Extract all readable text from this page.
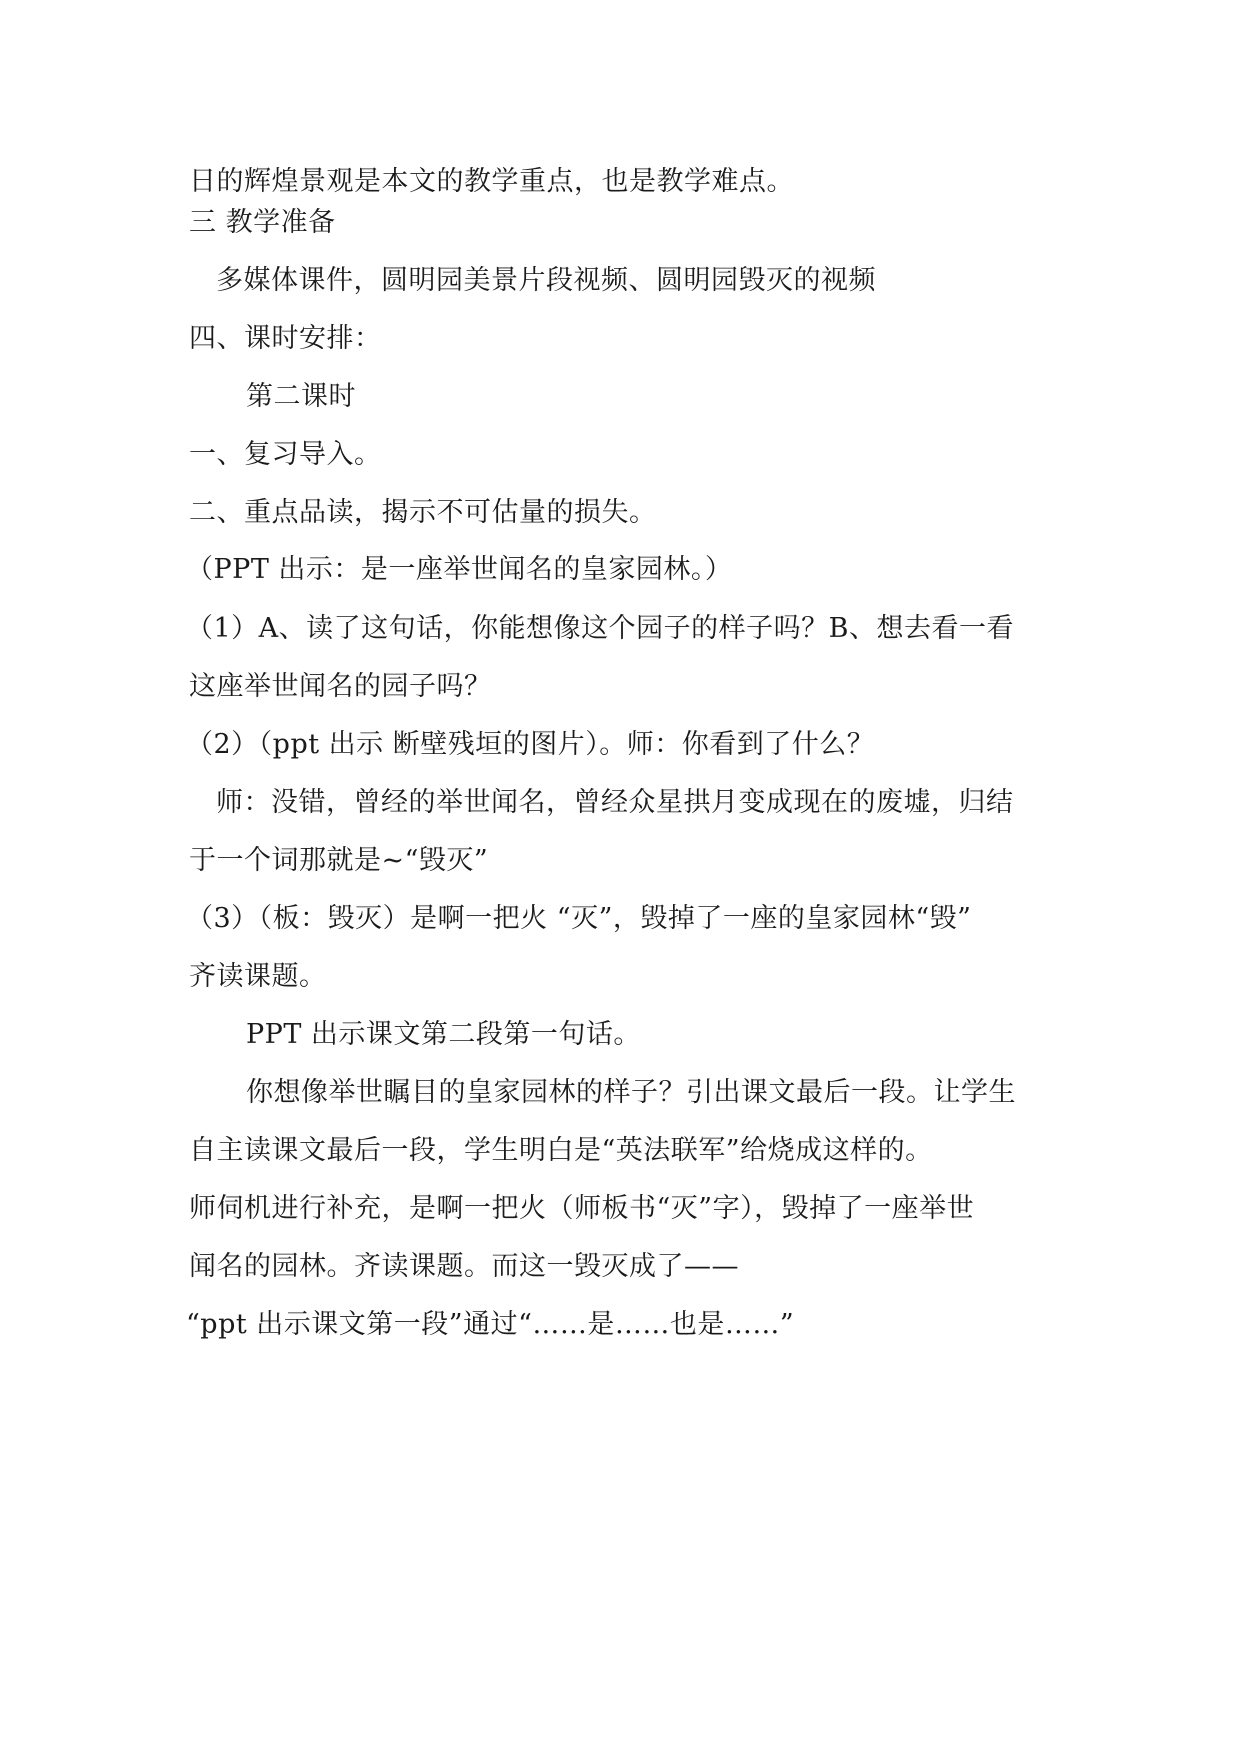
日的辉煌景观是本文的教学重点，也是教学难点。
三 教学准备
多媒体课件，圆明园美景片段视频、圆明园毁灭的视频
四、课时安排：
第二课时
一、复习导入。
二、重点品读，揭示不可估量的损失。
（PPT 出示：是一座举世闻名的皇家园林。）
（1）A、读了这句话，你能想像这个园子的样子吗？B、想去看一看
这座举世闻名的园子吗？
（2）（ppt 出示 断壁残垣的图片）。师：你看到了什么？
师：没错，曾经的举世闻名，曾经众星拱月变成现在的废墟，归结
于一个词那就是~“毁灭”
（3）（板：毁灭）是啊一把火 “灭”，毁掉了一座的皇家园林“毁”
齐读课题。
PPT 出示课文第二段第一句话。
你想像举世瞩目的皇家园林的样子？引出课文最后一段。让学生
自主读课文最后一段，学生明白是“英法联军”给烧成这样的。
师伺机进行补充，是啊一把火（师板书“灭”字），毁掉了一座举世
闻名的园林。齐读课题。而这一毁灭成了——
“ppt 出示课文第一段”通过“……是……也是……”
